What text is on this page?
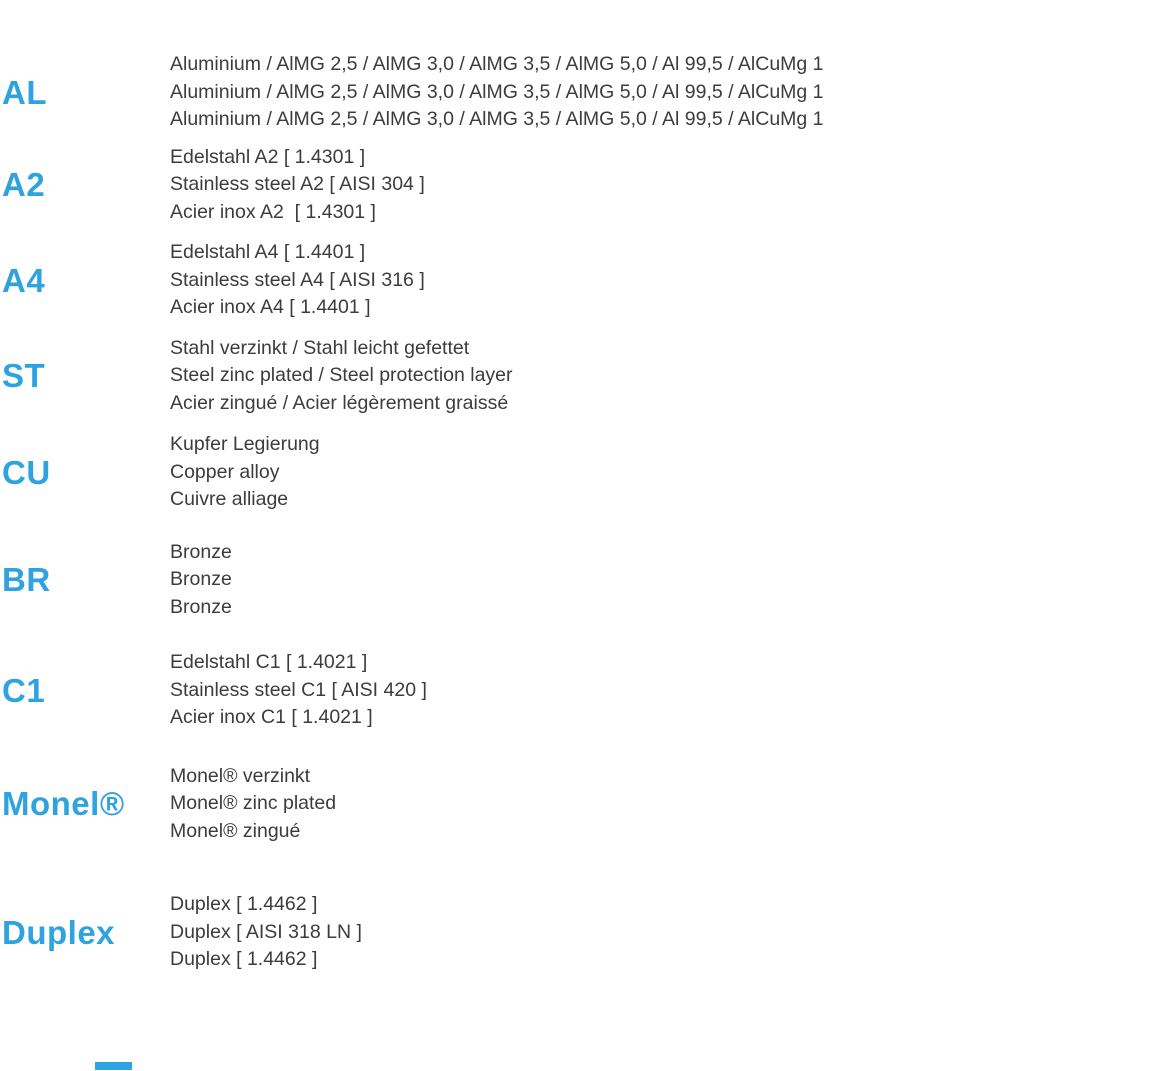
AL

Aluminium / AlMG 2,5 / AlMG 3,0 / AlMG 3,5 / AlMG 5,0 / Al 99,5 / AlCuMg 1

Aluminium / AlMG 2,5 / AlMG 3,0 / AlMG 3,5 / AlMG 5,0 / Al 99,5 / AlCuMg 1

Aluminium / AlMG 2,5 / AlMG 3,0 / AlMG 3,5 / AlMG 5,0 / Al 99,5 / AlCuMg 1

A2

Edelstahl A2 [ 1.4301 ]

Stainless steel A2 [ AISI 304 ]

Acier inox A2  [ 1.4301 ]

A4

Edelstahl A4 [ 1.4401 ]

Stainless steel A4 [ AISI 316 ]

Acier inox A4 [ 1.4401 ]

ST

Stahl verzinkt / Stahl leicht gefettet

Steel zinc plated / Steel protection layer

Acier zingué / Acier légèrement graissé

CU

Kupfer Legierung

Copper alloy

Cuivre alliage

BR

Bronze

Bronze

Bronze

C1

Edelstahl C1 [ 1.4021 ]

Stainless steel C1 [ AISI 420 ]

Acier inox C1 [ 1.4021 ]

Monel®

Monel® verzinkt

Monel® zinc plated

Monel® zingué

Duplex

Duplex [ 1.4462 ]

Duplex [ AISI 318 LN ]

Duplex [ 1.4462 ]
